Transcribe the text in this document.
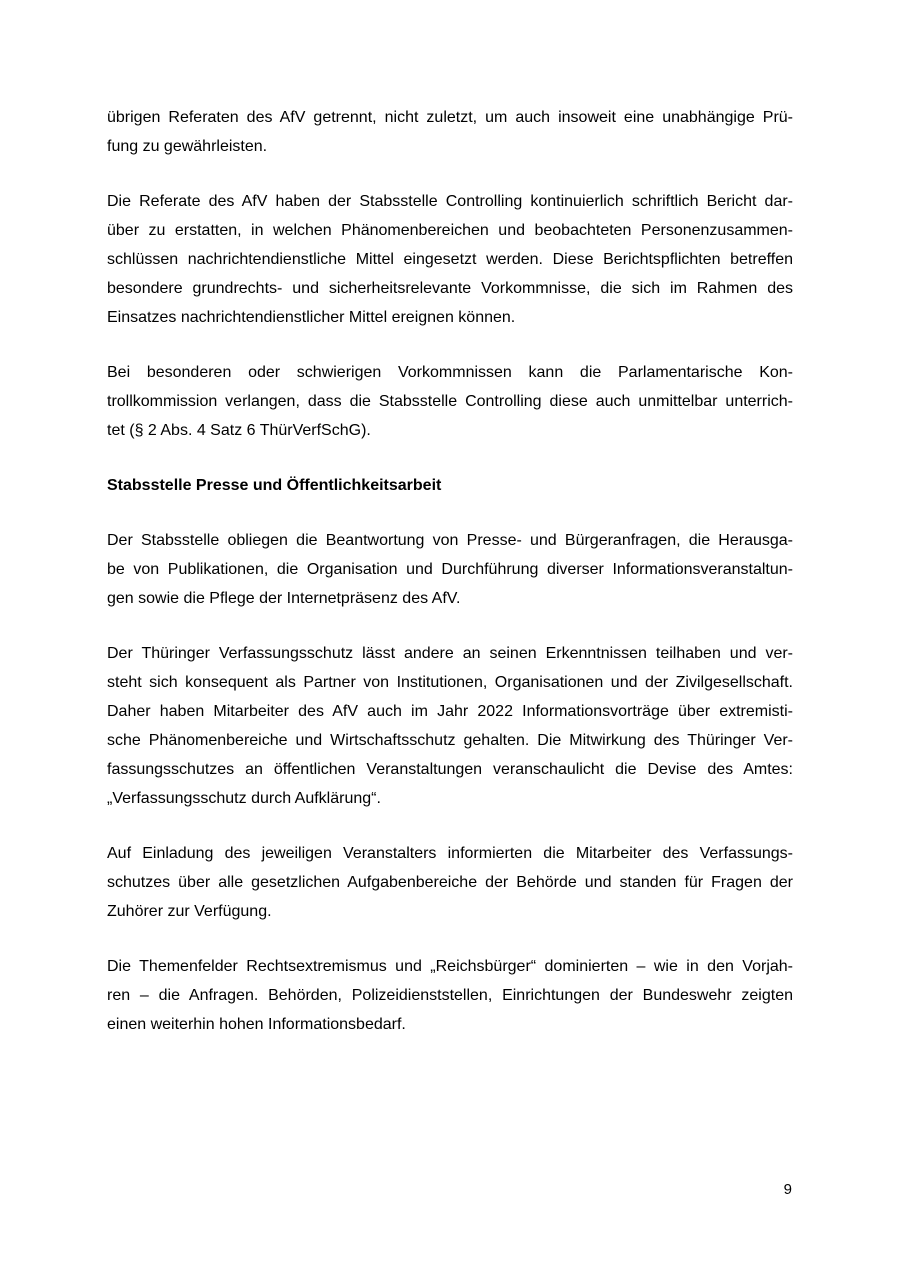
übrigen Referaten des AfV getrennt, nicht zuletzt, um auch insoweit eine unabhängige Prü-
fung zu gewährleisten.
Die Referate des AfV haben der Stabsstelle Controlling kontinuierlich schriftlich Bericht dar-
über zu erstatten, in welchen Phänomenbereichen und beobachteten Personenzusammen-
schlüssen nachrichtendienstliche Mittel eingesetzt werden. Diese Berichtspflichten betreffen
besondere grundrechts- und sicherheitsrelevante Vorkommnisse, die sich im Rahmen des
Einsatzes nachrichtendienstlicher Mittel ereignen können.
Bei besonderen oder schwierigen Vorkommnissen kann die Parlamentarische Kon-
trollkommission verlangen, dass die Stabsstelle Controlling diese auch unmittelbar unterrich-
tet (§ 2 Abs. 4 Satz 6 ThürVerfSchG).
Stabsstelle Presse und Öffentlichkeitsarbeit
Der Stabsstelle obliegen die Beantwortung von Presse- und Bürgeranfragen, die Herausga-
be von Publikationen, die Organisation und Durchführung diverser Informationsveranstaltun-
gen sowie die Pflege der Internetpräsenz des AfV.
Der Thüringer Verfassungsschutz lässt andere an seinen Erkenntnissen teilhaben und ver-
steht sich konsequent als Partner von Institutionen, Organisationen und der Zivilgesellschaft.
Daher haben Mitarbeiter des AfV auch im Jahr 2022 Informationsvorträge über extremisti-
sche Phänomenbereiche und Wirtschaftsschutz gehalten. Die Mitwirkung des Thüringer Ver-
fassungsschutzes an öffentlichen Veranstaltungen veranschaulicht die Devise des Amtes:
„Verfassungsschutz durch Aufklärung“.
Auf Einladung des jeweiligen Veranstalters informierten die Mitarbeiter des Verfassungs-
schutzes über alle gesetzlichen Aufgabenbereiche der Behörde und standen für Fragen der
Zuhörer zur Verfügung.
Die Themenfelder Rechtsextremismus und „Reichsbürger“ dominierten – wie in den Vorjah-
ren – die Anfragen. Behörden, Polizeidienststellen, Einrichtungen der Bundeswehr zeigten
einen weiterhin hohen Informationsbedarf.
9
